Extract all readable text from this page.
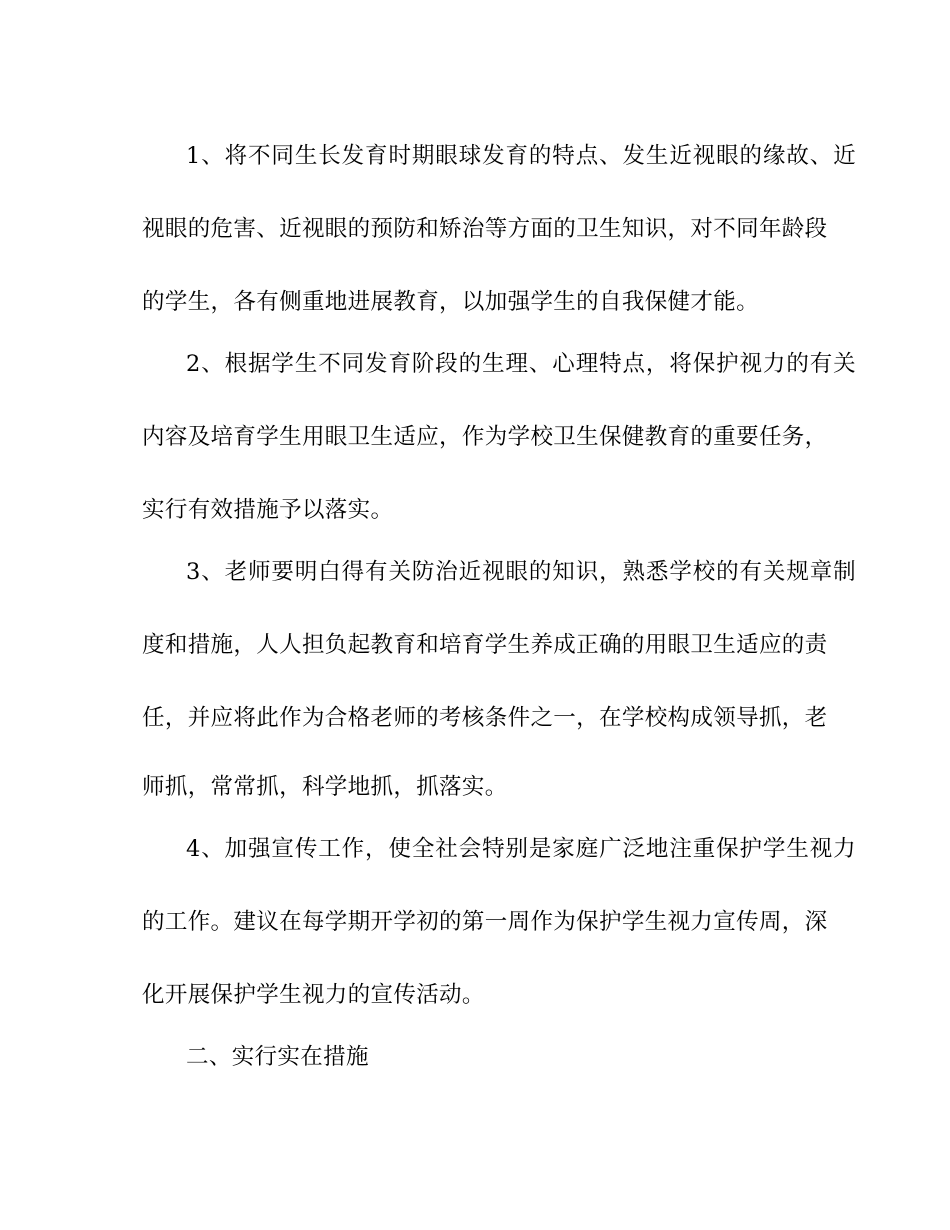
1、将不同生长发育时期眼球发育的特点、发生近视眼的缘故、近
视眼的危害、近视眼的预防和矫治等方面的卫生知识，对不同年龄段
的学生，各有侧重地进展教育，以加强学生的自我保健才能。
2、根据学生不同发育阶段的生理、心理特点，将保护视力的有关
内容及培育学生用眼卫生适应，作为学校卫生保健教育的重要任务，
实行有效措施予以落实。
3、老师要明白得有关防治近视眼的知识，熟悉学校的有关规章制
度和措施，人人担负起教育和培育学生养成正确的用眼卫生适应的责
任，并应将此作为合格老师的考核条件之一，在学校构成领导抓，老
师抓，常常抓，科学地抓，抓落实。
4、加强宣传工作，使全社会特别是家庭广泛地注重保护学生视力
的工作。建议在每学期开学初的第一周作为保护学生视力宣传周，深
化开展保护学生视力的宣传活动。
二、实行实在措施
